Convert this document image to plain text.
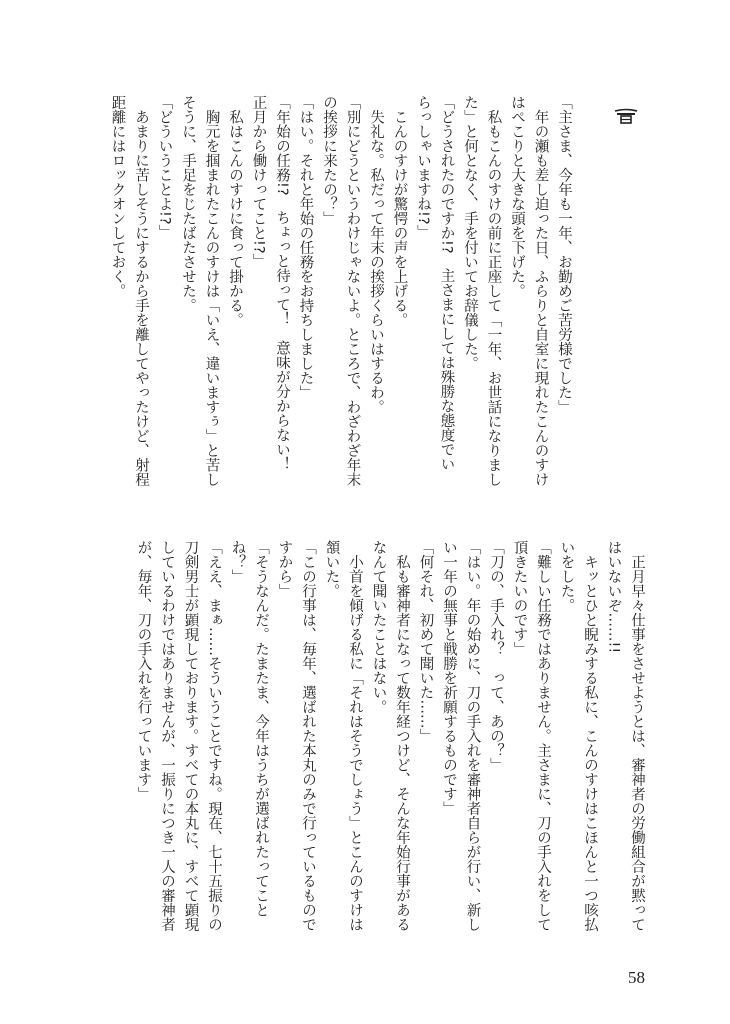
「主さま、今年も一年、お勤めご苦労様でした」

　年の瀬も差し迫った日、ふらりと自室に現れたこんのすけ

はぺこりと大きな頭を下げた。

　私もこんのすけの前に正座して「一年、お世話になりまし

た」と何となく、手を付いてお辞儀した。

「どうされたのですか!?　主さまにしては殊勝な態度でい

らっしゃいますね!?」

　こんのすけが驚愕の声を上げる。

　失礼な。私だって年末の挨拶くらいはするわ。

「別にどうというわけじゃないよ。ところで、わざわざ年末

の挨拶に来たの？」

「はい。それと年始の任務をお持ちしました」

「年始の任務!?　ちょっと待って！　意味が分からない！

正月から働けってこと!?」

　私はこんのすけに食って掛かる。

　胸元を掴まれたこんのすけは「いえ、違いますぅ」と苦し

そうに、手足をじたばたさせた。

「どういうことよ!?」

　あまりに苦しそうにするから手を離してやったけど、射程

距離にはロックオンしておく。

　正月早々仕事をさせようとは、審神者の労働組合が黙って

はいないぞ……!!

　キッとひと睨みする私に、こんのすけはこほんと一つ咳払

いをした。

「難しい任務ではありません。主さまに、刀の手入れをして

頂きたいのです」

「刀の、手入れ？　って、あの？」

「はい。年の始めに、刀の手入れを審神者自らが行い、新し

い一年の無事と戦勝を祈願するものです」

「何それ、初めて聞いた……」

　私も審神者になって数年経つけど、そんな年始行事がある

なんて聞いたことはない。

　小首を傾げる私に「それはそうでしょう」とこんのすけは

頷いた。

「この行事は、毎年、選ばれた本丸のみで行っているもので

すから」

「そうなんだ。たまたま、今年はうちが選ばれたってこと

ね？」

「ええ、まぁ……そういうことですね。現在、七十五振りの

刀剣男士が顕現しております。すべての本丸に、すべて顕現

しているわけではありませんが、一振りにつき一人の審神者

が、毎年、刀の手入れを行っています」

58
